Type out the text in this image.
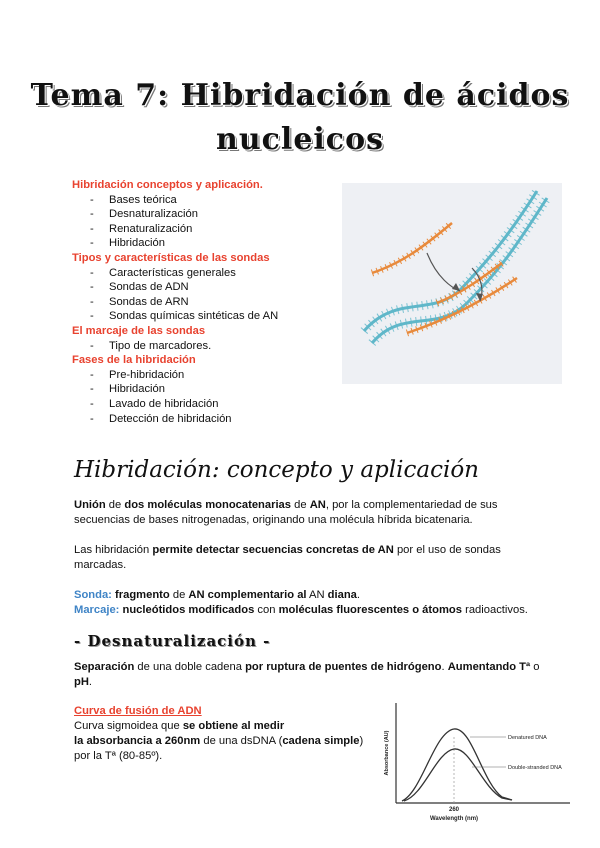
Tema 7: Hibridación de ácidos
nucleicos
Hibridación conceptos y aplicación.
- Bases teórica
- Desnaturalización
- Renaturalización
- Hibridación
Tipos y características de las sondas
- Características generales
- Sondas de ADN
- Sondas de ARN
- Sondas químicas sintéticas de AN
El marcaje de las sondas
- Tipo de marcadores.
Fases de la hibridación
- Pre-hibridación
- Hibridación
- Lavado de hibridación
- Detección de hibridación
Hibridación: concepto y aplicación
Unión de dos moléculas monocatenarias de AN, por la complementariedad de sus secuencias de bases nitrogenadas, originando una molécula híbrida bicatenaria.
Las hibridación permite detectar secuencias concretas de AN por el uso de sondas marcadas.
Sonda: fragmento de AN complementario al AN diana.
Marcaje: nucleótidos modificados con moléculas fluorescentes o átomos radioactivos.
- Desnaturalización -
Separación de una doble cadena por ruptura de puentes de hidrógeno. Aumentando Tª o pH.
Curva de fusión de ADN
Curva sigmoidea que se obtiene al medir
la absorbancia a 260nm de una dsDNA (cadena simple)
por la Tª (80-85º).
Denatured DNA
Double-stranded DNA
260
Wavelength (nm)
Absorbance (AU)
